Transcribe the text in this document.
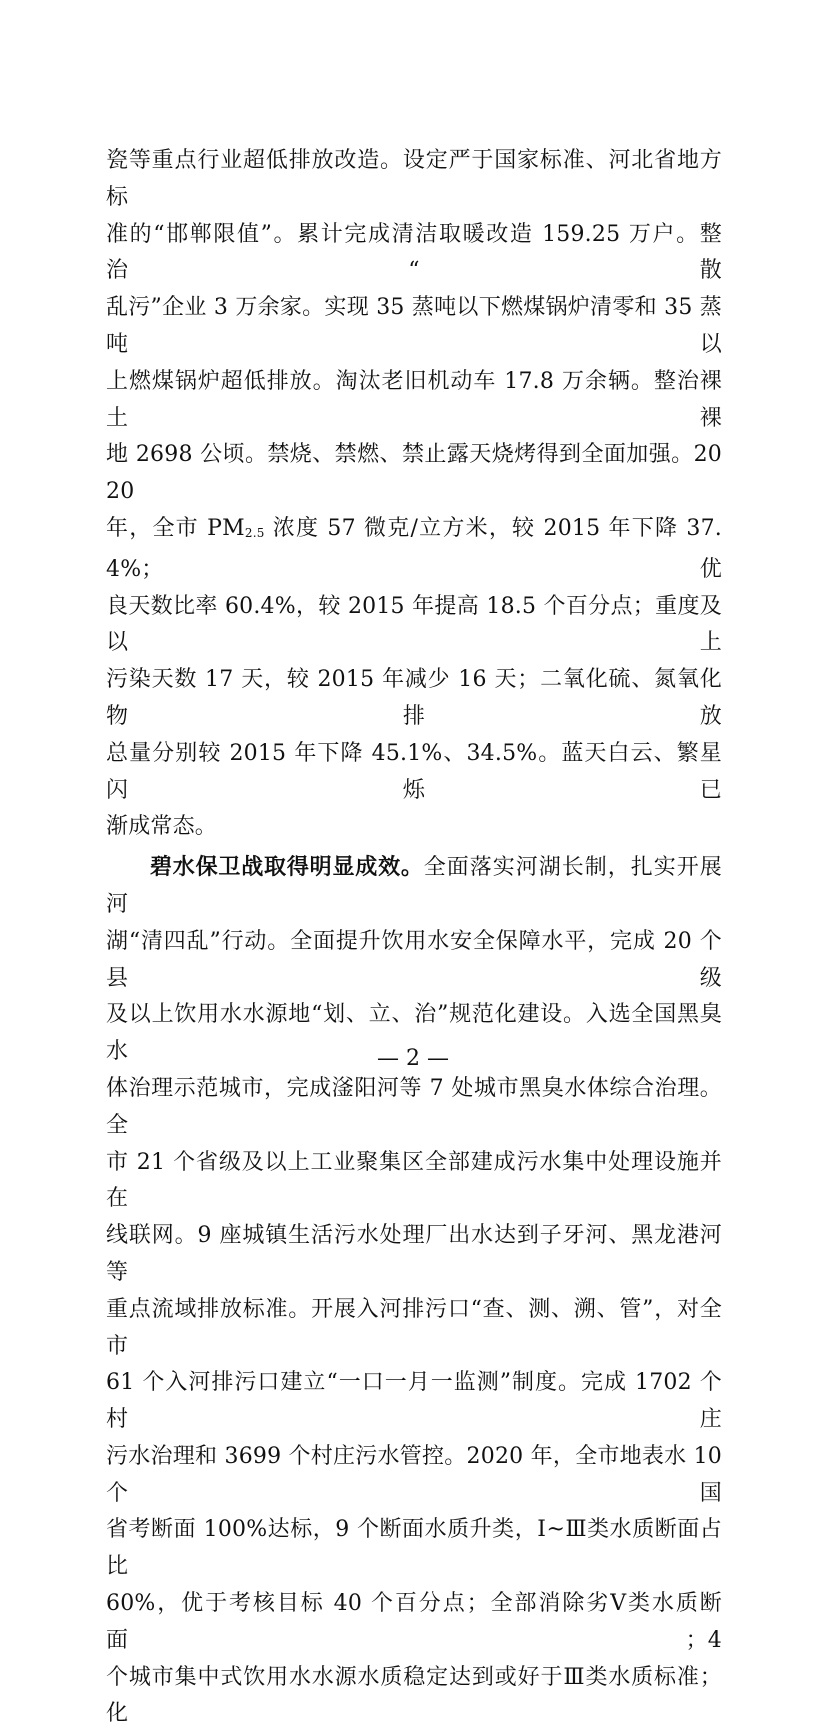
瓷等重点行业超低排放改造。设定严于国家标准、河北省地方标

准的“邯郸限值”。累计完成清洁取暖改造 159.25 万户。整治“散

乱污”企业 3 万余家。实现 35 蒸吨以下燃煤锅炉清零和 35 蒸吨以

上燃煤锅炉超低排放。淘汰老旧机动车 17.8 万余辆。整治裸土裸

地 2698 公顷。禁烧、禁燃、禁止露天烧烤得到全面加强。2020

年，全市 PM2.5 浓度 57 微克/立方米，较 2015 年下降 37.4%；优

良天数比率 60.4%，较 2015 年提高 18.5 个百分点；重度及以上

污染天数 17 天，较 2015 年减少 16 天；二氧化硫、氮氧化物排放

总量分别较 2015 年下降 45.1%、34.5%。蓝天白云、繁星闪烁已

渐成常态。

碧水保卫战取得明显成效。全面落实河湖长制，扎实开展河

湖“清四乱”行动。全面提升饮用水安全保障水平，完成 20 个县级

及以上饮用水水源地“划、立、治”规范化建设。入选全国黑臭水

体治理示范城市，完成滏阳河等 7 处城市黑臭水体综合治理。全

市 21 个省级及以上工业聚集区全部建成污水集中处理设施并在

线联网。9 座城镇生活污水处理厂出水达到子牙河、黑龙港河等

重点流域排放标准。开展入河排污口“查、测、溯、管”，对全市

61 个入河排污口建立“一口一月一监测”制度。完成 1702 个村庄

污水治理和 3699 个村庄污水管控。2020 年，全市地表水 10 个国

省考断面 100%达标，9 个断面水质升类，Ⅰ~Ⅲ类水质断面占比

60%，优于考核目标 40 个百分点；全部消除劣Ⅴ类水质断面；4

个城市集中式饮用水水源水质稳定达到或好于Ⅲ类水质标准；化

— 2 —
